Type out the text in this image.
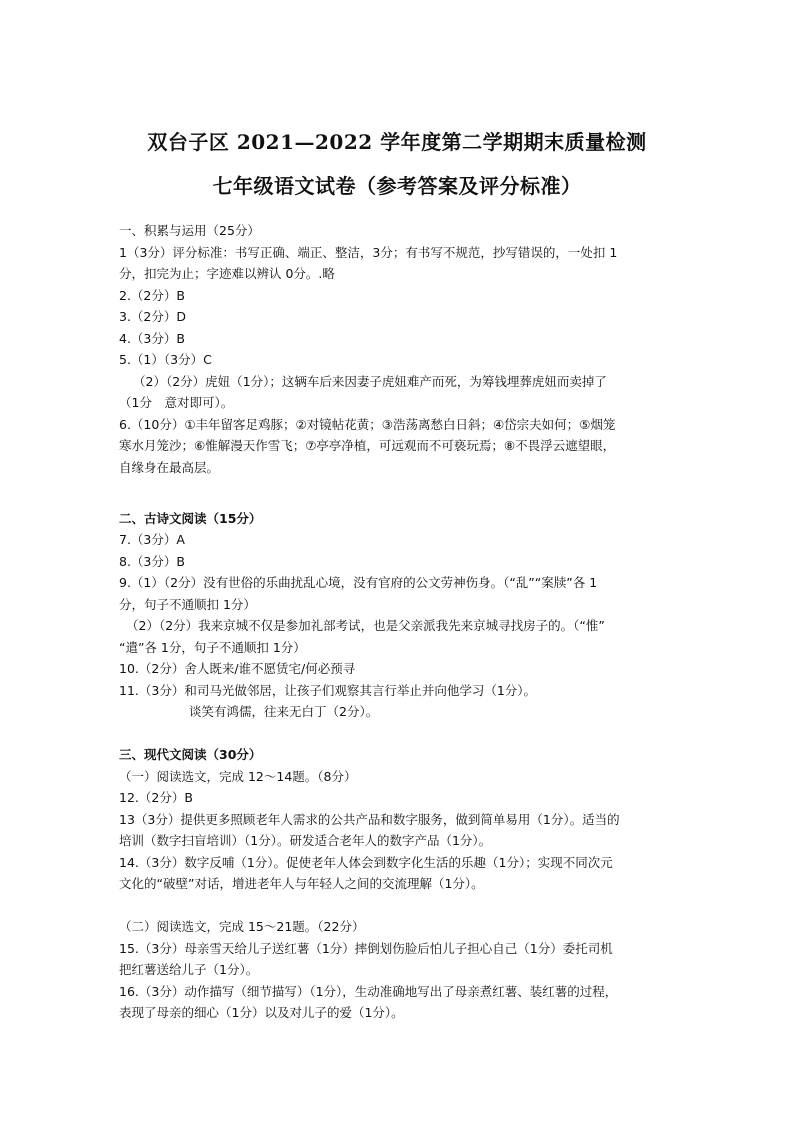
双台子区 2021—2022 学年度第二学期期末质量检测
七年级语文试卷（参考答案及评分标准）
一、积累与运用（25分）
1（3分）评分标准：书写正确、端正、整洁，3分；有书写不规范，抄写错误的，一处扣 1
分，扣完为止；字迹难以辨认 0分。.略
2.（2分）B
3.（2分）D
4.（3分）B
5.（1）（3分）C
（2）（2分）虎妞（1分）；这辆车后来因妻子虎妞难产而死，为筹钱埋葬虎妞而卖掉了
（1分　意对即可）。
6.（10分）①丰年留客足鸡豚；②对镜帖花黄；③浩荡离愁白日斜；④岱宗夫如何；⑤烟笼
寒水月笼沙；⑥惟解漫天作雪飞；⑦亭亭净植，可远观而不可亵玩焉；⑧不畏浮云遮望眼，
自缘身在最高层。
二、古诗文阅读（15分）
7.（3分）A
8.（3分）B
9.（1）（2分）没有世俗的乐曲扰乱心境，没有官府的公文劳神伤身。（“乱”“案牍”各 1
分，句子不通顺扣 1分）
（2）（2分）我来京城不仅是参加礼部考试，也是父亲派我先来京城寻找房子的。（“惟”
“遣”各 1分，句子不通顺扣 1分）
10.（2分）舍人既来/谁不愿赁宅/何必预寻
11.（3分）和司马光做邻居，让孩子们观察其言行举止并向他学习（1分）。
谈笑有鸿儒，往来无白丁（2分）。
三、现代文阅读（30分）
（一）阅读选文，完成 12～14题。（8分）
12.（2分）B
13（3分）提供更多照顾老年人需求的公共产品和数字服务，做到简单易用（1分）。适当的
培训（数字扫盲培训）（1分）。研发适合老年人的数字产品（1分）。
14.（3分）数字反哺（1分）。促使老年人体会到数字化生活的乐趣（1分）；实现不同次元
文化的“破壁”对话，增进老年人与年轻人之间的交流理解（1分）。
（二）阅读选文，完成 15～21题。（22分）
15.（3分）母亲雪天给儿子送红薯（1分）摔倒划伤脸后怕儿子担心自己（1分）委托司机
把红薯送给儿子（1分）。
16.（3分）动作描写（细节描写）（1分），生动准确地写出了母亲煮红薯、装红薯的过程，
表现了母亲的细心（1分）以及对儿子的爱（1分）。
